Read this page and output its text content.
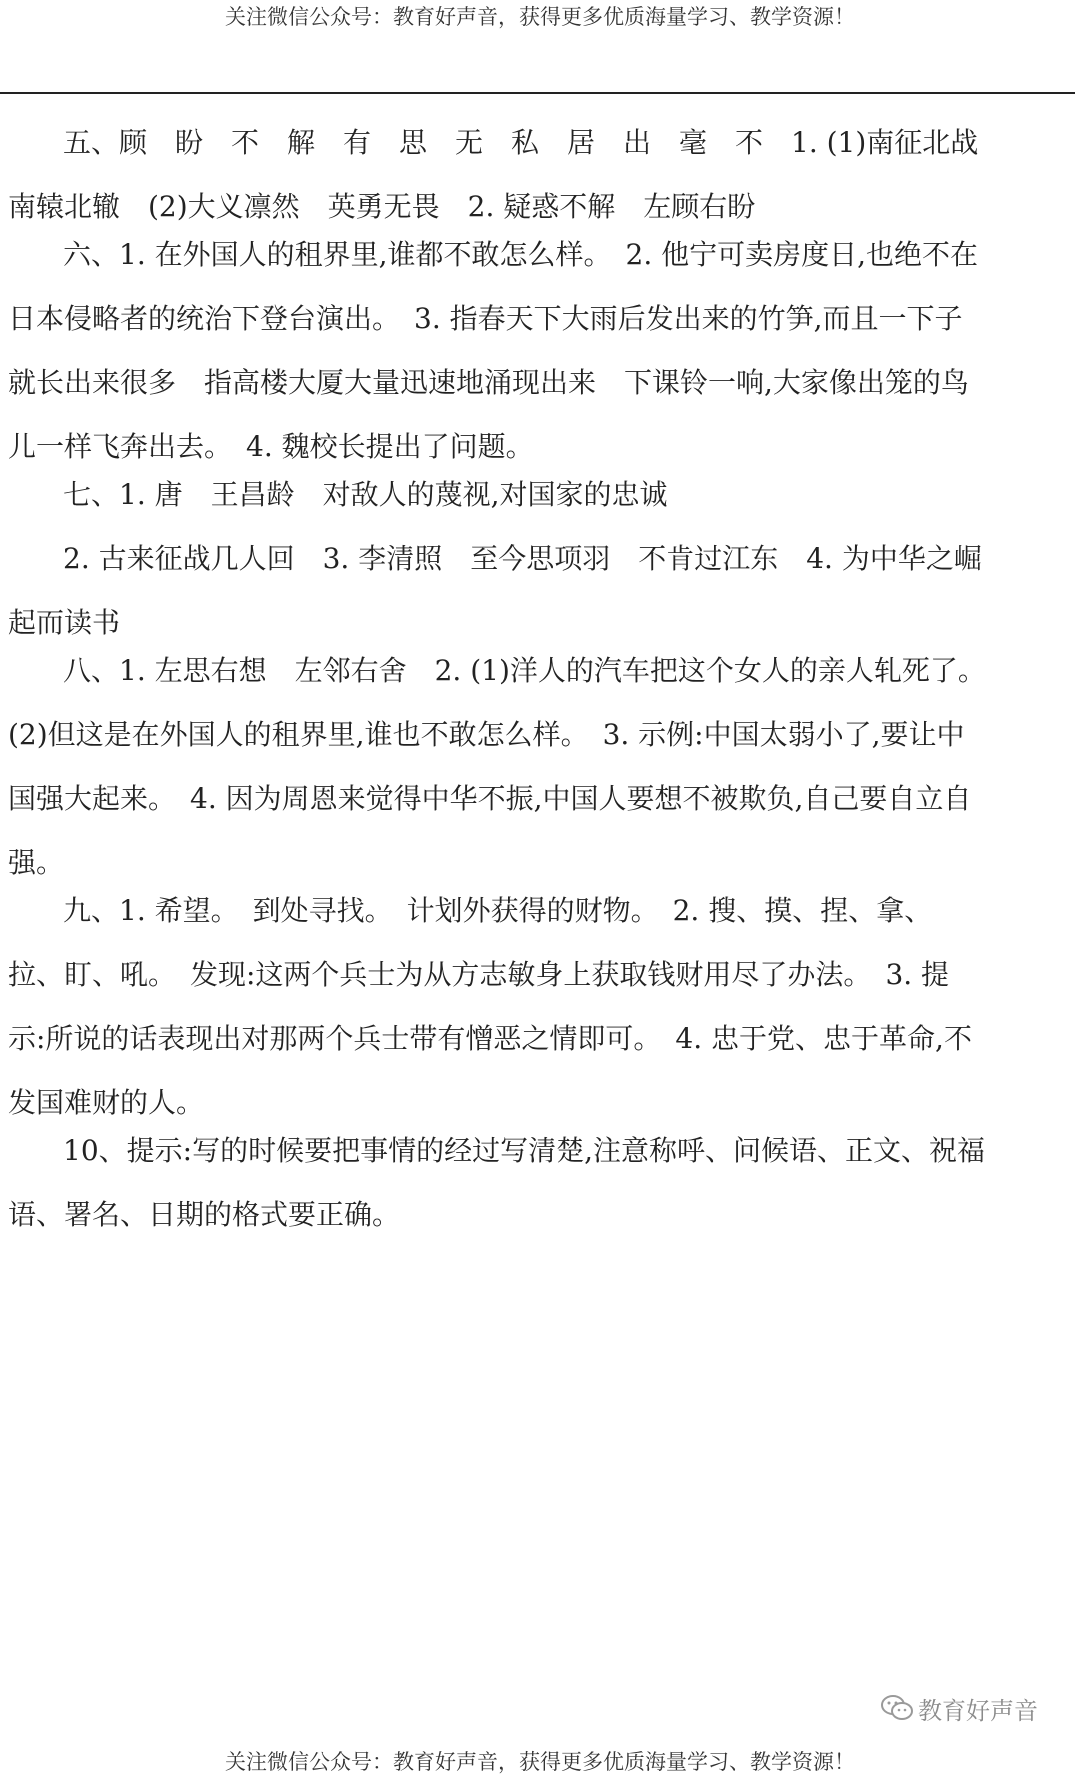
关注微信公众号：教育好声音，获得更多优质海量学习、教学资源！
五、顾　盼　不　解　有　思　无　私　居　出　毫　不　1. (1)南征北战
南辕北辙　(2)大义凛然　英勇无畏　2. 疑惑不解　左顾右盼
六、1. 在外国人的租界里,谁都不敢怎么样。　2. 他宁可卖房度日,也绝不在
日本侵略者的统治下登台演出。　3. 指春天下大雨后发出来的竹笋,而且一下子
就长出来很多　指高楼大厦大量迅速地涌现出来　下课铃一响,大家像出笼的鸟
儿一样飞奔出去。　4. 魏校长提出了问题。
七、1. 唐　王昌龄　对敌人的蔑视,对国家的忠诚
2. 古来征战几人回　3. 李清照　至今思项羽　不肯过江东　4. 为中华之崛
起而读书
八、1. 左思右想　左邻右舍　2. (1)洋人的汽车把这个女人的亲人轧死了。
(2)但这是在外国人的租界里,谁也不敢怎么样。　3. 示例:中国太弱小了,要让中
国强大起来。　4. 因为周恩来觉得中华不振,中国人要想不被欺负,自己要自立自
强。
九、1. 希望。　到处寻找。　计划外获得的财物。　2. 搜、摸、捏、拿、
拉、盯、吼。　发现:这两个兵士为从方志敏身上获取钱财用尽了办法。　3. 提
示:所说的话表现出对那两个兵士带有憎恶之情即可。　4. 忠于党、忠于革命,不
发国难财的人。
10、提示:写的时候要把事情的经过写清楚,注意称呼、问候语、正文、祝福
语、署名、日期的格式要正确。
教育好声音
关注微信公众号：教育好声音，获得更多优质海量学习、教学资源！
